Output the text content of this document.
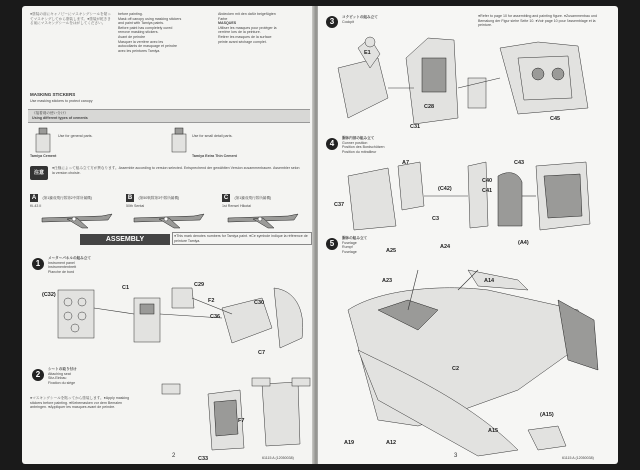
●塗装の前にキャノピーにマスキングシールを貼ってマスキングしてから塗装します。●塗装が乾ききる前にマスキングシールをはがしてください。
before painting.
Mask off canopy using masking stickers
and paint with Tamiya paints.
Before paint has completely cured
remove masking stickers.
Avant de peindre
Masquer la verrière avec les
autocollants de masquage et peindre
avec les peintures Tamiya.
Abdecken mit den dafür beigefügten
Farbe
MASQUES
Utiliser les masques pour protéger la
verrière lors de la peinture.
Retirer les masques de la surface
peinte avant séchage complet.
MASKING STICKERS
Use masking stickers to protect canopy
《接着剤の使い分け》
Using different types of cements
Tamiya Cement
Use for general parts.
Tamiya Extra Thin Cement
Use for small detail parts.
注意
●仕様によって組み立て方が異なります。Assemble according to version selected. Entsprechend der gewählten Version zusammenbauen. Assembler selon la version choisie.
A (第1錬成飛行隊第2中隊所属機)
Ki-43 II
B (第50戦隊第3中隊所属機)
50th Sentai
C (第1錬成飛行隊所属機)
1st Rensei Hikotai
ASSEMBLY	●This mark denotes numbers for Tamiya paint. ●Ce symbole indique la référence de peinture Tamiya.
1
メーターパネルの組み立て
Instrument panel
Instrumentenbrett
Planche de bord
(C32)
C1	C29
F2	C30
C36
C7
2
シートの取り付け
Attaching seat
Sitz-Einbau
Fixation du siège
●マスキングシールを貼ってから塗装します。●Apply masking stickers before painting. ●Klebemasken vor dem Bemalen anbringen. ●Appliquer les masques avant de peindre.
F7
C33
2	61115 A (12050038)
3	コクピットの組み立て
Cockpit
●Refer to page 10 for assembling and painting figure. ●Zusammenbau und Bemalung der Figur siehe Seite 10. ●Voir page 10 pour l'assemblage et la peinture.
E1
C28
C31
C45
4
胴体内部の組み立て
Gunner position
Position des Bordschützen
Position du mitrailleur
A7
(C42)
C43
C40
C41
C37
C3
5
胴体の組み立て
Fuselage
Rumpf
Fuselage	A25
A24
(A4)
A23	A14
C2
(A15)
A15
A19	A12
3	61115 A (12050038)
